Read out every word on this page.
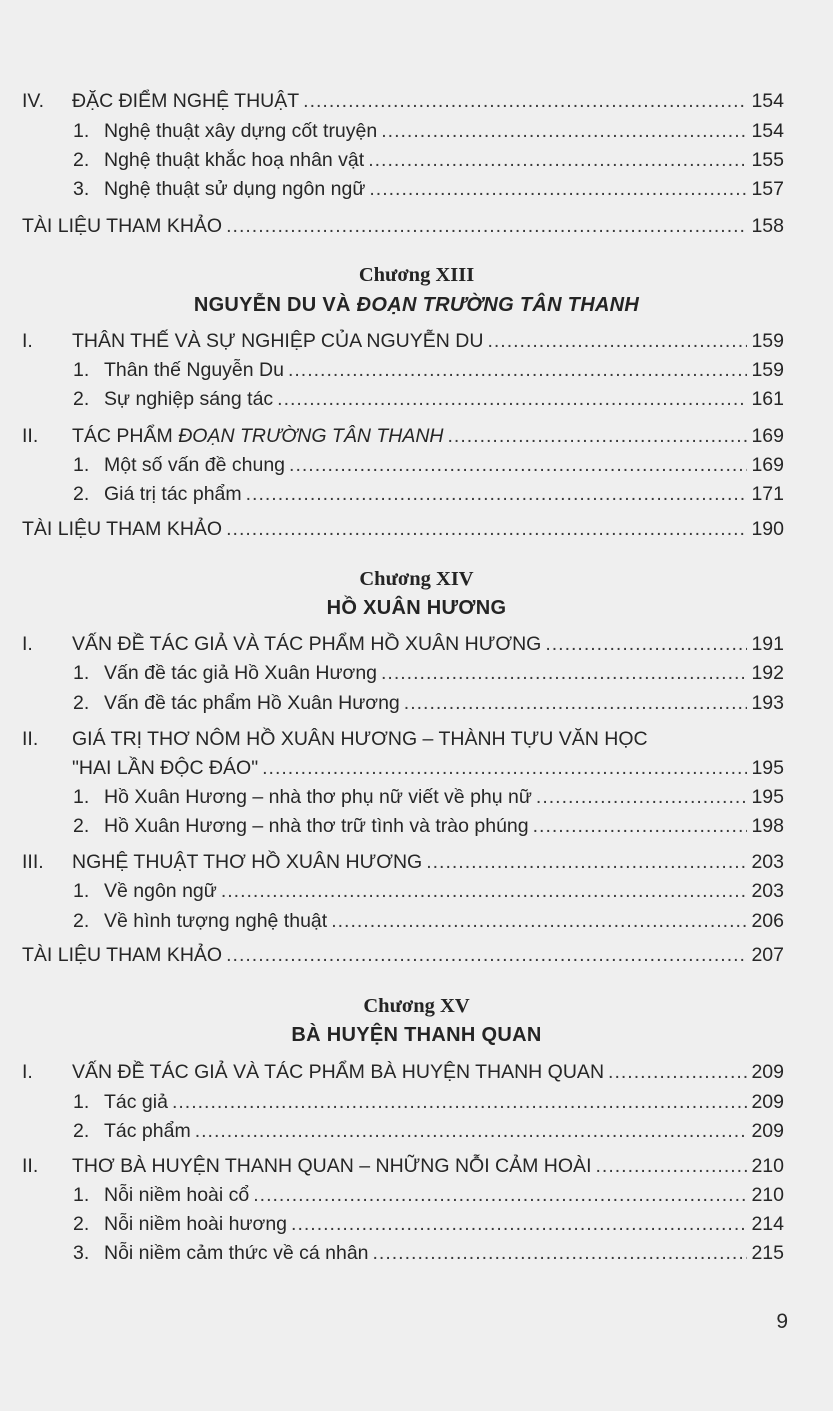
IV.	ĐẶC ĐIỂM NGHỆ THUẬT .....	154
1. Nghệ thuật xây dựng cốt truyện .....	154
2. Nghệ thuật khắc hoạ nhân vật .....	155
3. Nghệ thuật sử dụng ngôn ngữ .....	157
TÀI LIỆU THAM KHẢO .....	158
Chương XIII
NGUYỄN DU VÀ ĐOẠN TRƯỜNG TÂN THANH
I.	THÂN THẾ VÀ SỰ NGHIỆP CỦA NGUYỄN DU .....	159
1. Thân thế Nguyễn Du .....	159
2. Sự nghiệp sáng tác .....	161
II.	TÁC PHẨM ĐOẠN TRƯỜNG TÂN THANH .....	169
1. Một số vấn đề chung .....	169
2. Giá trị tác phẩm .....	171
TÀI LIỆU THAM KHẢO .....	190
Chương XIV
HỒ XUÂN HƯƠNG
I.	VẤN ĐỀ TÁC GIẢ VÀ TÁC PHẨM HỒ XUÂN HƯƠNG .....	191
1. Vấn đề tác giả Hồ Xuân Hương .....	192
2. Vấn đề tác phẩm Hồ Xuân Hương .....	193
II.	GIÁ TRỊ THƠ NÔM HỒ XUÂN HƯƠNG – THÀNH TỰU VĂN HỌC
"HAI LẦN ĐỘC ĐÁO" .....	195
1. Hồ Xuân Hương – nhà thơ phụ nữ viết về phụ nữ .....	195
2. Hồ Xuân Hương – nhà thơ trữ tình và trào phúng .....	198
III.	NGHỆ THUẬT THƠ HỒ XUÂN HƯƠNG .....	203
1. Về ngôn ngữ .....	203
2. Về hình tượng nghệ thuật .....	206
TÀI LIỆU THAM KHẢO .....	207
Chương XV
BÀ HUYỆN THANH QUAN
I.	VẤN ĐỀ TÁC GIẢ VÀ TÁC PHẨM BÀ HUYỆN THANH QUAN .....	209
1. Tác giả .....	209
2. Tác phẩm .....	209
II.	THƠ BÀ HUYỆN THANH QUAN – NHỮNG NỖI CẢM HOÀI .....	210
1. Nỗi niềm hoài cổ .....	210
2. Nỗi niềm hoài hương .....	214
3. Nỗi niềm cảm thức về cá nhân .....	215
9
